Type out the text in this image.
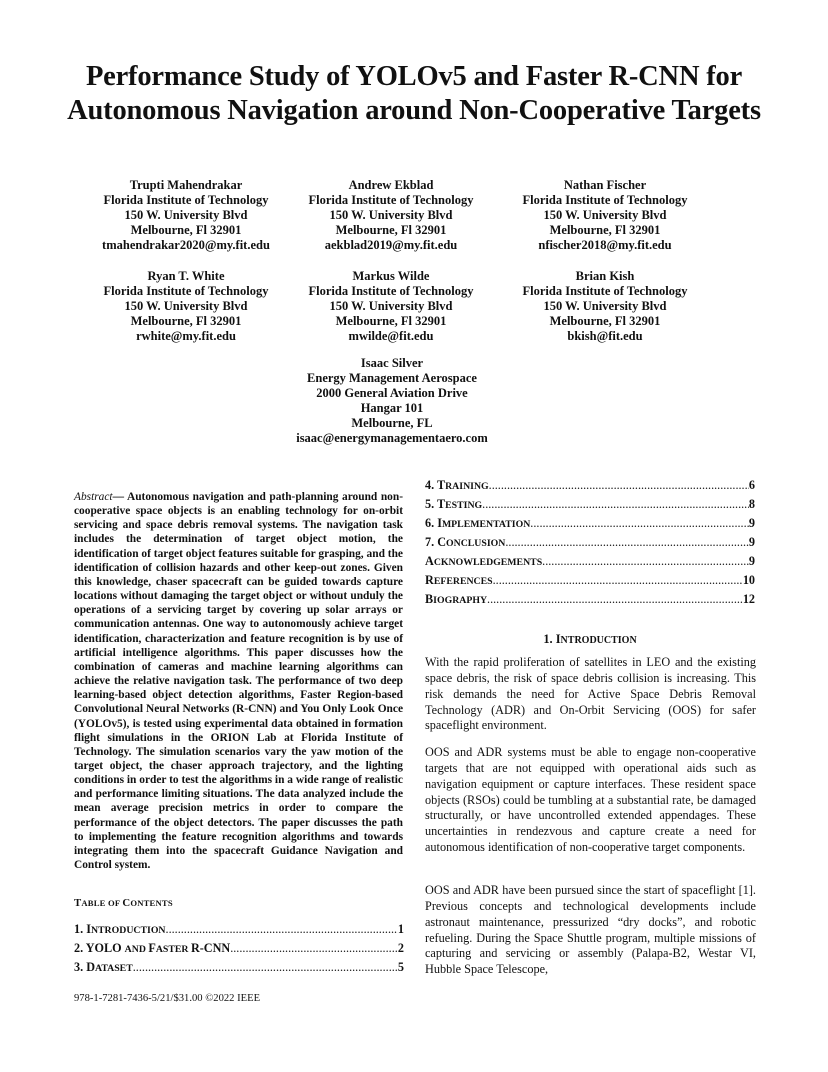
Performance Study of YOLOv5 and Faster R-CNN for Autonomous Navigation around Non-Cooperative Targets
Trupti Mahendrakar
Florida Institute of Technology
150 W. University Blvd
Melbourne, Fl 32901
tmahendrakar2020@my.fit.edu
Andrew Ekblad
Florida Institute of Technology
150 W. University Blvd
Melbourne, Fl 32901
aekblad2019@my.fit.edu
Nathan Fischer
Florida Institute of Technology
150 W. University Blvd
Melbourne, Fl 32901
nfischer2018@my.fit.edu
Ryan T. White
Florida Institute of Technology
150 W. University Blvd
Melbourne, Fl 32901
rwhite@my.fit.edu
Markus Wilde
Florida Institute of Technology
150 W. University Blvd
Melbourne, Fl 32901
mwilde@fit.edu
Brian Kish
Florida Institute of Technology
150 W. University Blvd
Melbourne, Fl 32901
bkish@fit.edu
Isaac Silver
Energy Management Aerospace
2000 General Aviation Drive
Hangar 101
Melbourne, FL
isaac@energymanagementaero.com
Abstract— Autonomous navigation and path-planning around non-cooperative space objects is an enabling technology for on-orbit servicing and space debris removal systems. The navigation task includes the determination of target object motion, the identification of target object features suitable for grasping, and the identification of collision hazards and other keep-out zones. Given this knowledge, chaser spacecraft can be guided towards capture locations without damaging the target object or without unduly the operations of a servicing target by covering up solar arrays or communication antennas. One way to autonomously achieve target identification, characterization and feature recognition is by use of artificial intelligence algorithms. This paper discusses how the combination of cameras and machine learning algorithms can achieve the relative navigation task. The performance of two deep learning-based object detection algorithms, Faster Region-based Convolutional Neural Networks (R-CNN) and You Only Look Once (YOLOv5), is tested using experimental data obtained in formation flight simulations in the ORION Lab at Florida Institute of Technology. The simulation scenarios vary the yaw motion of the target object, the chaser approach trajectory, and the lighting conditions in order to test the algorithms in a wide range of realistic and performance limiting situations. The data analyzed include the mean average precision metrics in order to compare the performance of the object detectors. The paper discusses the path to implementing the feature recognition algorithms and towards integrating them into the spacecraft Guidance Navigation and Control system.
TABLE OF CONTENTS
1. INTRODUCTION .....	1
2. YOLO AND FASTER R-CNN .....	2
3. DATASET .....	5
4. TRAINING .....	6
5. TESTING .....	8
6. IMPLEMENTATION .....	9
7. CONCLUSION .....	9
ACKNOWLEDGEMENTS .....	9
REFERENCES .....	10
BIOGRAPHY .....	12
978-1-7281-7436-5/21/$31.00 ©2022 IEEE
1. INTRODUCTION
With the rapid proliferation of satellites in LEO and the existing space debris, the risk of space debris collision is increasing. This risk demands the need for Active Space Debris Removal Technology (ADR) and On-Orbit Servicing (OOS) for safer spaceflight environment.
OOS and ADR systems must be able to engage non-cooperative targets that are not equipped with operational aids such as navigation equipment or capture interfaces. These resident space objects (RSOs) could be tumbling at a substantial rate, be damaged structurally, or have uncontrolled extended appendages. These uncertainties in rendezvous and capture create a need for autonomous identification of non-cooperative target components.
OOS and ADR have been pursued since the start of spaceflight [1]. Previous concepts and technological developments include astronaut maintenance, pressurized “dry docks”, and robotic refueling. During the Space Shuttle program, multiple missions of capturing and servicing or assembly (Palapa-B2, Westar VI, Hubble Space Telescope,
